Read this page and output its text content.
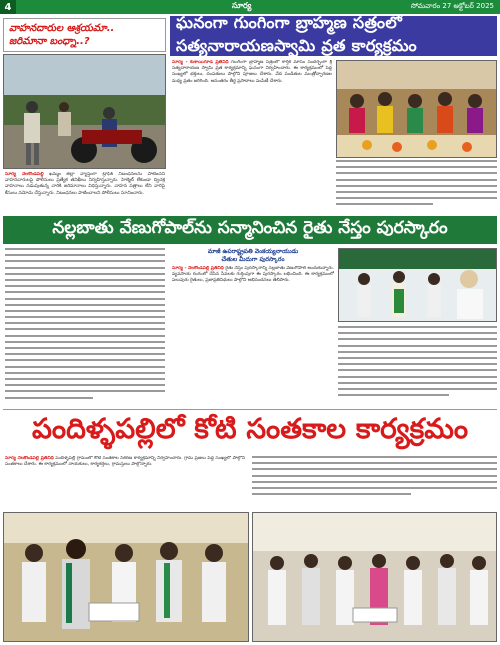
4	సూర్య	సోమవారం 27 అక్టోబర్ 2025
వాహనదారుల ఆశ్రయమా..
జరిమానా బంధ్నా..?
సూర్య నేలకొండపల్లి ఖమ్మం జిల్లా వ్యాప్తంగా ట్రాఫిక్ నిబంధనలను పాటించని వాహనదారులపై పోలీసులు ప్రత్యేక తనిఖీలు నిర్వహిస్తున్నారు. హెల్మెట్ లేకుండా ద్విచక్ర వాహనాలు నడుపుతున్న వారికి జరిమానాలు విధిస్తున్నారు. వాహన పత్రాలు లేని వారిపై కేసులు నమోదు చేస్తున్నారు. నిబంధనలు పాటించాలని పోలీసులు సూచించారు.
ఘనంగా గుంగింగా బ్రాహ్మణ సత్రంలో సత్యనారాయణస్వామి వ్రత కార్యక్రమం
సూర్య - కుశాయిగూడ ప్రతినిధి గుంగింగా బ్రాహ్మణ సత్రంలో కార్తీక మాసం సందర్భంగా శ్రీ సత్యనారాయణ స్వామి వ్రత కార్యక్రమాన్ని ఘనంగా నిర్వహించారు. ఈ కార్యక్రమంలో పెద్ద సంఖ్యలో భక్తులు, దంపతులు పాల్గొని పూజలు చేశారు. వేద పండితుల మంత్రోచ్ఛారణల మధ్య వ్రతం జరిగింది. అనంతరం తీర్థ ప్రసాదాలు పంపిణీ చేశారు.
నల్లబాతు వేణుగోపాల్‌ను సన్మానించిన రైతు నేస్తం పురస్కారం
మాజీ ఉపరాష్ట్రపతి వెంకయ్యనాయుడు
చేతుల మీదుగా పురస్కారం
సూర్య - నేలకొండపల్లి ప్రతినిధి రైతు నేస్తం పురస్కారాన్ని నల్లబాతు వేణుగోపాల్ అందుకున్నారు. వ్యవసాయ రంగంలో చేసిన సేవలకు గుర్తింపుగా ఈ పురస్కారం లభించింది. ఈ కార్యక్రమంలో పలువురు రైతులు, ప్రజాప్రతినిధులు పాల్గొని అభినందనలు తెలిపారు.
పందిళ్ళపల్లిలో కోటి సంతకాల కార్యక్రమం
సూర్య నేలకొండపల్లి ప్రతినిధి పందిళ్ళపల్లి గ్రామంలో కోటి సంతకాల సేకరణ కార్యక్రమాన్ని నిర్వహించారు. గ్రామ ప్రజలు పెద్ద సంఖ్యలో పాల్గొని సంతకాలు చేశారు. ఈ కార్యక్రమంలో నాయకులు, కార్యకర్తలు, గ్రామస్తులు పాల్గొన్నారు.
